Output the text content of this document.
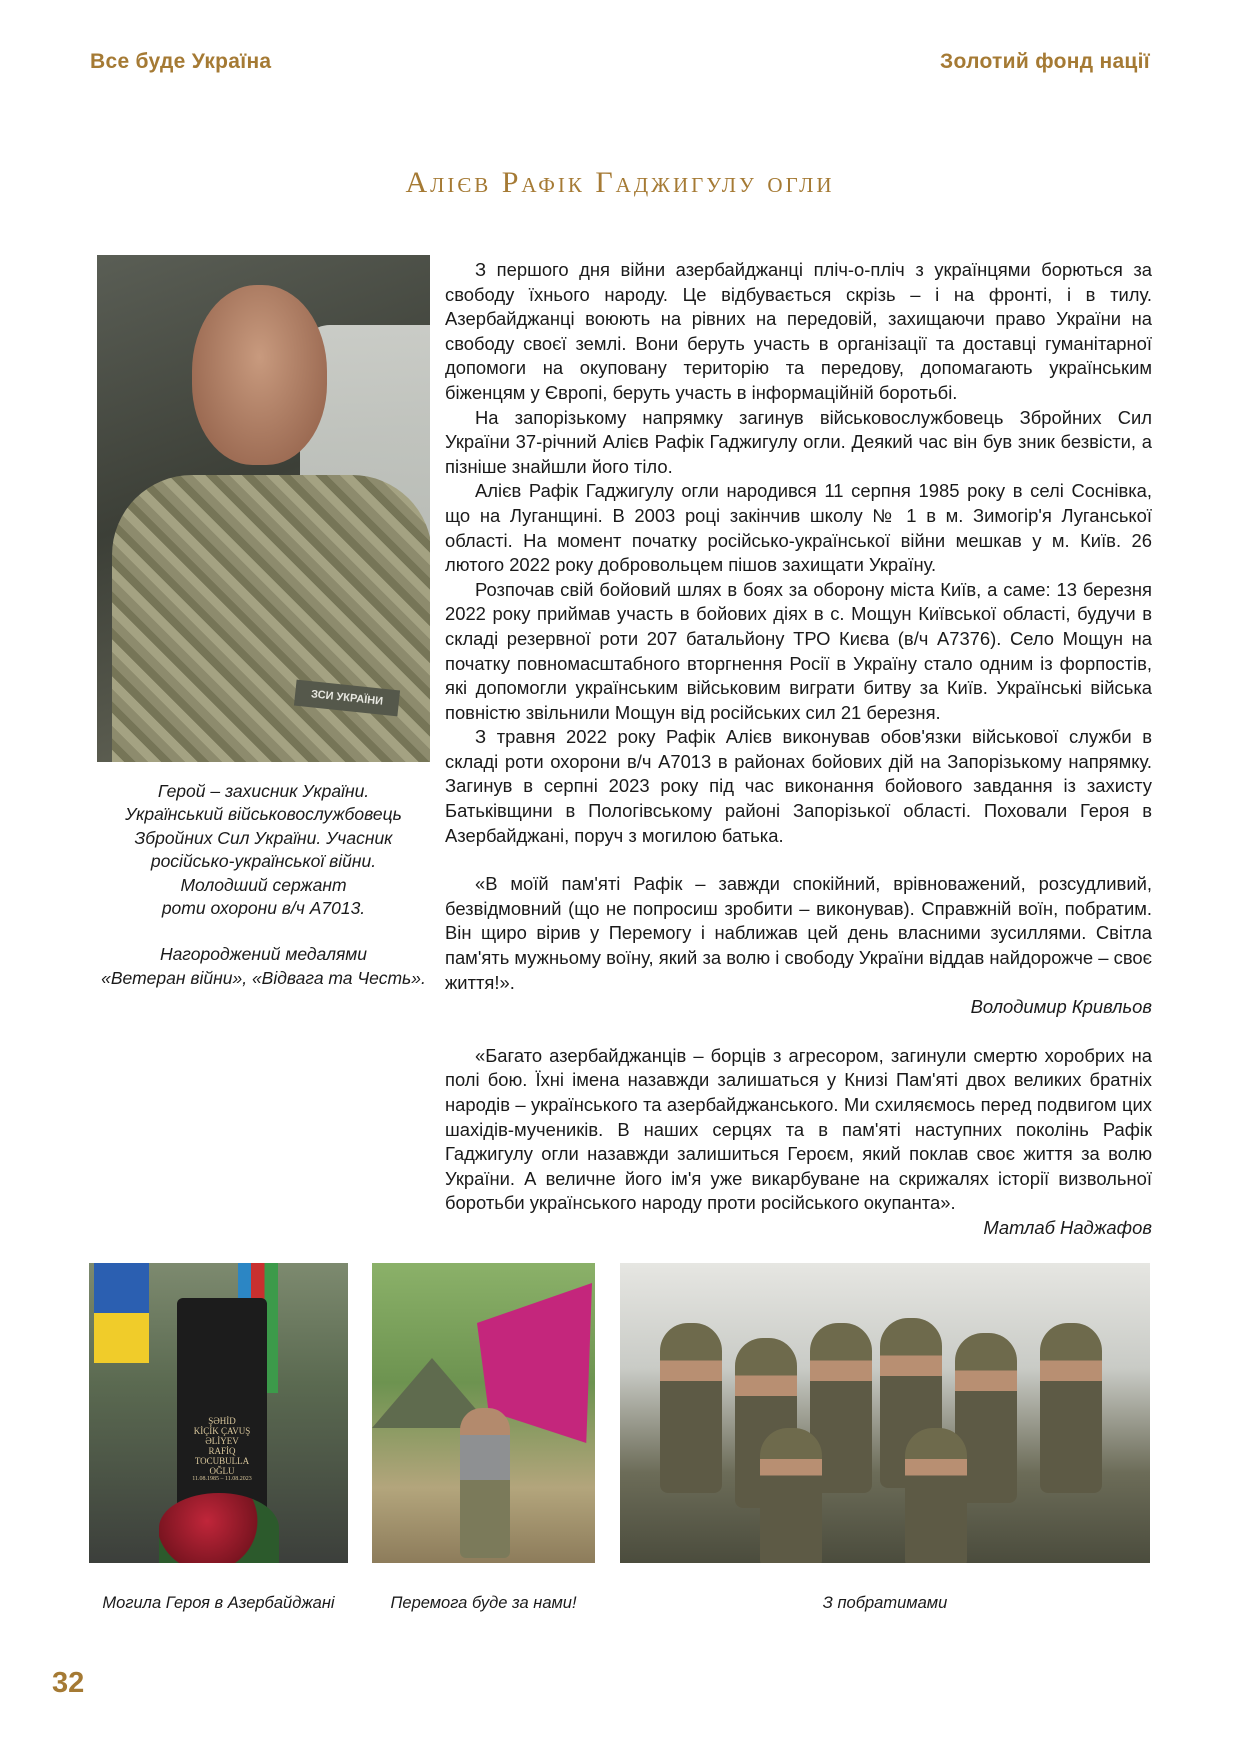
Все буде Україна	Золотий фонд нації
Алієв Рафік Гаджигулу огли
ЗСИ УКРАЇНИ

Герой – захисник України.
Український військовослужбовець
Збройних Сил України. Учасник
російсько-української війни.
Молодший сержант
роти охорони в/ч А7013.

Нагороджений медалями
«Ветеран війни», «Відвага та Честь».

З першого дня війни азербайджанці пліч-о-пліч з українцями борються за свободу їхнього народу. Це відбувається скрізь – і на фронті, і в тилу. Азербайджанці воюють на рівних на передовій, захищаючи право України на свободу своєї землі. Вони беруть участь в організації та доставці гуманітарної допомоги на окуповану територію та передову, допомагають українським біженцям у Європі, беруть участь в інформаційній боротьбі.

На запорізькому напрямку загинув військовослужбовець Збройних Сил України 37-річний Алієв Рафік Гаджигулу огли. Деякий час він був зник безвісти, а пізніше знайшли його тіло.

Алієв Рафік Гаджигулу огли народився 11 серпня 1985 року в селі Соснівка, що на Луганщині. В 2003 році закінчив школу № 1 в м. Зимогір'я Луганської області. На момент початку російсько-української війни мешкав у м. Київ. 26 лютого 2022 року добровольцем пішов захищати Україну.

Розпочав свій бойовий шлях в боях за оборону міста Київ, а саме: 13 березня 2022 року приймав участь в бойових діях в с. Мощун Київської області, будучи в складі резервної роти 207 батальйону ТРО Києва (в/ч А7376). Село Мощун на початку повномасштабного вторгнення Росії в Україну стало одним із форпостів, які допомогли українським військовим виграти битву за Київ. Українські війська повністю звільнили Мощун від російських сил 21 березня.

З травня 2022 року Рафік Алієв виконував обов'язки військової служби в складі роти охорони в/ч А7013 в районах бойових дій на Запорізькому напрямку. Загинув в серпні 2023 року під час виконання бойового завдання із захисту Батьківщини в Пологівському районі Запорізької області. Поховали Героя в Азербайджані, поруч з могилою батька.

«В моїй пам'яті Рафік – завжди спокійний, врівноважений, розсудливий, безвідмовний (що не попросиш зробити – виконував). Справжній воїн, побратим. Він щиро вірив у Перемогу і наближав цей день власними зусиллями. Світла пам'ять мужньому воїну, який за волю і свободу України віддав найдорожче – своє життя!».

Володимир Кривльов

«Багато азербайджанців – борців з агресором, загинули смертю хоробрих на полі бою. Їхні імена назавжди залишаться у Книзі Пам'яті двох великих братніх народів – українського та азербайджанського. Ми схиляємось перед подвигом цих шахідів-мучеників. В наших серцях та в пам'яті наступних поколінь Рафік Гаджигулу огли назавжди залишиться Героєм, який поклав своє життя за волю України. А величне його ім'я уже викарбуване на скрижалях історії визвольної боротьби українського народу проти російського окупанта».

Матлаб Наджафов

ŞƏHİD
KİÇİK ÇAVUŞ
ƏLİYEV
RAFİQ
TOCUBULLA
OĞLU
11.08.1985 – 11.08.2023
Могила Героя в Азербайджані	Перемога буде за нами!	З побратимами
32
